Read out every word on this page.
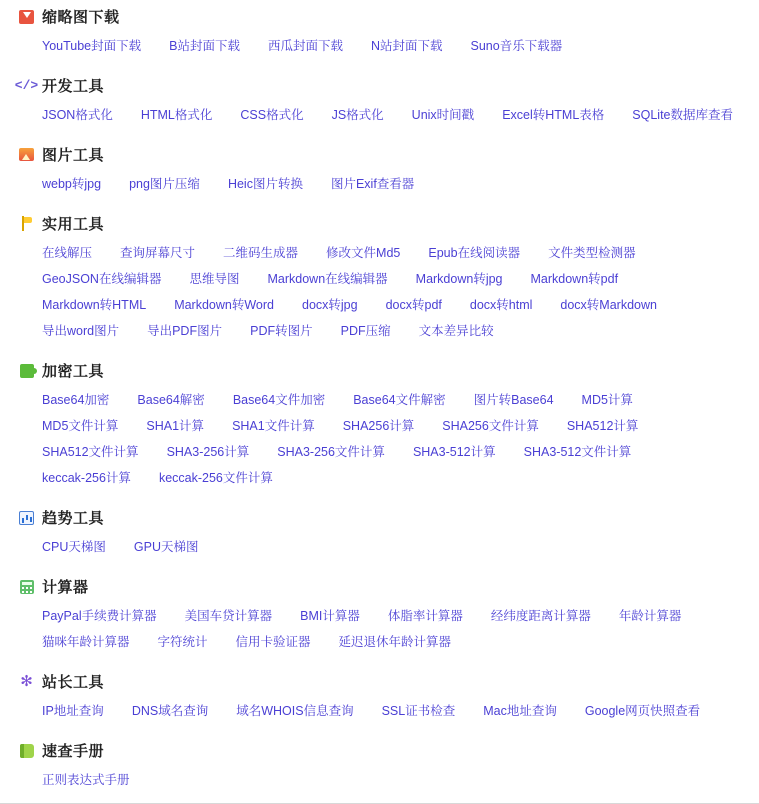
缩略图下载
YouTube封面下载	B站封面下载	西瓜封面下载	N站封面下载	Suno音乐下载器
</> 开发工具
JSON格式化	HTML格式化	CSS格式化	JS格式化	Unix时间戳	Excel转HTML表格	SQLite数据库查看
图片工具
webp转jpg	png图片压缩	Heic图片转换	图片Exif查看器
实用工具
在线解压	查询屏幕尺寸	二维码生成器	修改文件Md5	Epub在线阅读器	文件类型检测器
GeoJSON在线编辑器	思维导图	Markdown在线编辑器	Markdown转jpg	Markdown转pdf
Markdown转HTML	Markdown转Word	docx转jpg	docx转pdf	docx转html	docx转Markdown
导出word图片	导出PDF图片	PDF转图片	PDF压缩	文本差异比较
加密工具
Base64加密	Base64解密	Base64文件加密	Base64文件解密	图片转Base64	MD5计算
MD5文件计算	SHA1计算	SHA1文件计算	SHA256计算	SHA256文件计算	SHA512计算
SHA512文件计算	SHA3-256计算	SHA3-256文件计算	SHA3-512计算	SHA3-512文件计算
keccak-256计算	keccak-256文件计算
趋势工具
CPU天梯图	GPU天梯图
计算器
PayPal手续费计算器	美国车贷计算器	BMI计算器	体脂率计算器	经纬度距离计算器	年龄计算器
猫咪年龄计算器	字符统计	信用卡验证器	延迟退休年龄计算器
✻ 站长工具
IP地址查询	DNS域名查询	域名WHOIS信息查询	SSL证书检查	Mac地址查询	Google网页快照查看
速查手册
正则表达式手册
